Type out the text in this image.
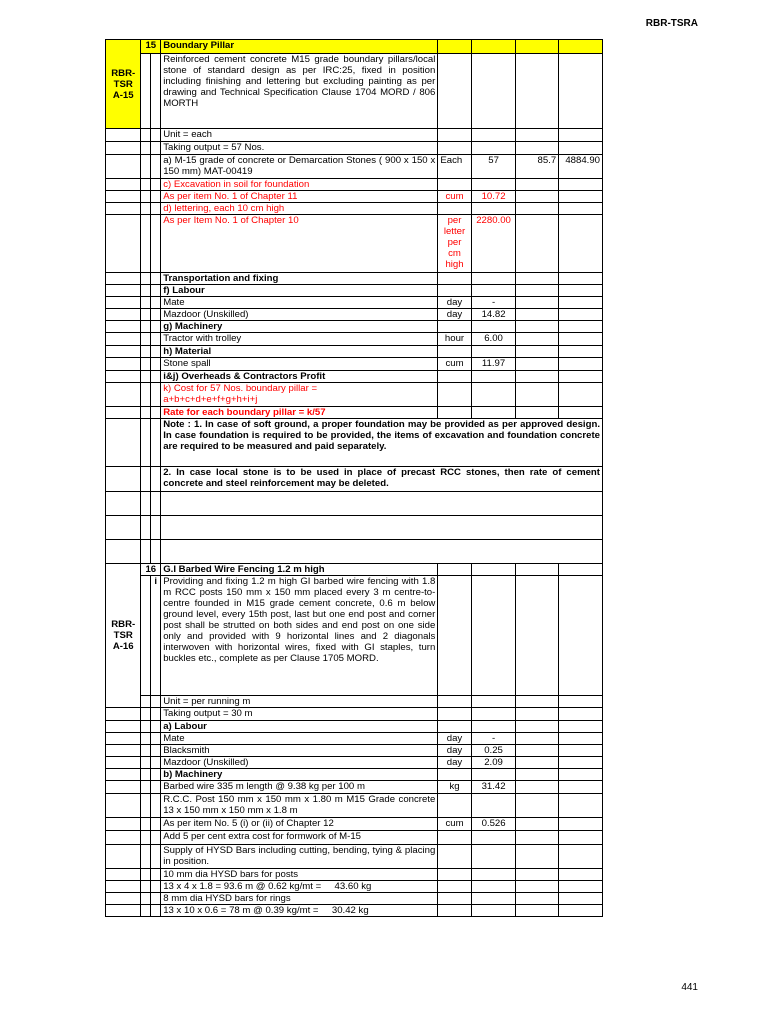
RBR-TSRA
RBR-
TSR
A-15	15		Boundary Pillar				
			Reinforced cement concrete M15 grade boundary pillars/local stone of standard design as per IRC:25, fixed in position including finishing and lettering but excluding painting as per drawing and Technical Specification Clause 1704 MORD / 806 MORTH				
			Unit = each				
			Taking output = 57 Nos.				
			a) M-15 grade of concrete or Demarcation Stones ( 900 x 150 x 150 mm) MAT-00419	Each	57	85.7	4884.90
			c) Excavation in soil for foundation				
			As per item No. 1 of Chapter 11	cum	10.72		
			d) lettering, each 10 cm high				
			As per Item No. 1 of Chapter 10	per
letter
per
cm
high	2280.00		
			Transportation and fixing				
			f) Labour				
			Mate	day	-		
			Mazdoor (Unskilled)	day	14.82		
			g) Machinery				
			Tractor with trolley	hour	6.00		
			h) Material				
			Stone spall	cum	11.97		
			i&j) Overheads & Contractors Profit				

			k) Cost for 57 Nos. boundary pillar =
a+b+c+d+e+f+g+h+i+j				

			Rate for each boundary pillar = k/57				
			Note : 1. In case of soft ground, a proper foundation may be provided as per approved design. In case foundation is required to be provided, the items of excavation and foundation concrete are required to be measured and paid separately.				
			2. In case local stone is to be used in place of precast RCC stones, then rate of cement concrete and steel reinforcement may be deleted.				

RBR-
TSR
A-16	16		G.I Barbed Wire Fencing 1.2 m high				
		i	Providing and fixing 1.2 m high GI barbed wire fencing with 1.8 m RCC posts 150 mm x 150 mm placed every 3 m centre-to-centre founded in M15 grade cement concrete, 0.6 m below ground level, every 15th post, last but one end post and corner post shall be strutted on both sides and end post on one side only and provided with 9 horizontal lines and 2 diagonals interwoven with horizontal wires, fixed with GI staples, turn buckles etc., complete as per Clause 1705 MORD.				
			Unit = per running m				
			Taking output = 30 m				
			a) Labour				
			Mate	day	-		
			Blacksmith	day	0.25		
			Mazdoor (Unskilled)	day	2.09		
			b) Machinery				
			Barbed wire 335 m length @ 9.38 kg per 100 m	kg	31.42		
			R.C.C. Post 150 mm x 150 mm x 1.80 m M15 Grade concrete 13 x 150 mm x 150 mm x 1.8 m				
			As per item No. 5 (i) or (ii) of Chapter 12	cum	0.526		
			Add 5 per cent extra cost for formwork of M-15				
			Supply of HYSD Bars including cutting, bending, tying & placing in position.				
			10 mm dia HYSD bars for posts				
			13 x 4 x 1.8 = 93.6 m @ 0.62 kg/mt =     43.60 kg				
			8 mm dia HYSD bars for rings				
			13 x 10 x 0.6 = 78 m @ 0.39 kg/mt =     30.42 kg				
441
